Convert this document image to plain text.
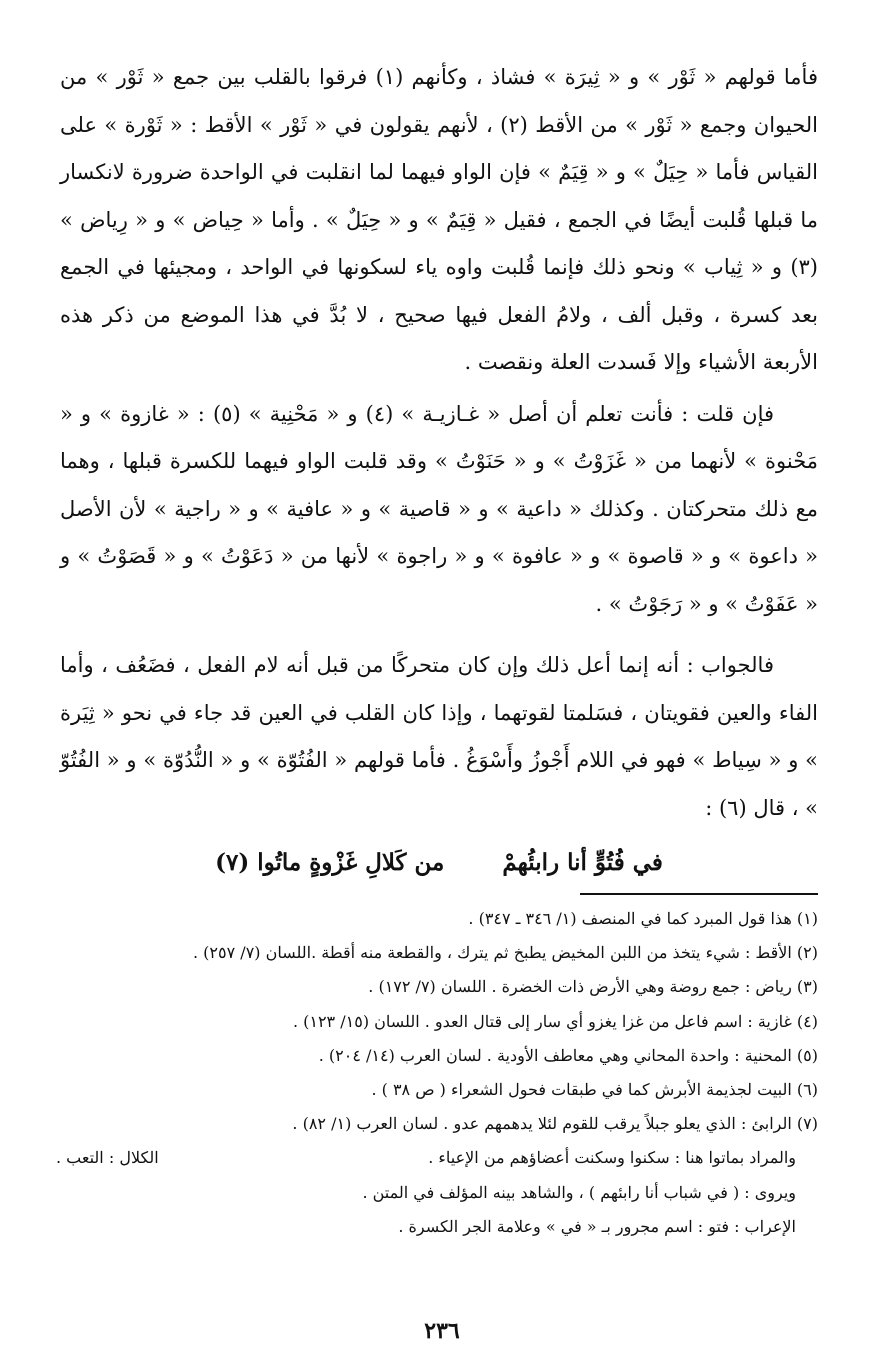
فأما قولهم « ثَوْر » و « ثِيرَة » فشاذ ، وكأنهم (١) فرقوا بالقلب بين جمع « ثَوْر » من الحيوان وجمع « ثَوْر » من الأقط (٢) ، لأنهم يقولون في « ثَوْر » الأقط : « ثَوْرة » على القياس فأما « حِيَلٌ » و « قِيَمٌ » فإن الواو فيهما لما انقلبت في الواحدة ضرورة لانكسار ما قبلها قُلبت أيضًا في الجمع ، فقيل « قِيَمٌ » و « حِيَلٌ » . وأما « حِياض » و « رِياض » (٣) و « ثِياب » ونحو ذلك فإنما قُلبت واوه ياء لسكونها في الواحد ، ومجيئها في الجمع بعد كسرة ، وقبل ألف ، ولامُ الفعل فيها صحيح ، لا بُدَّ في هذا الموضع من ذكر هذه الأربعة الأشياء وإلا فَسدت العلة ونقصت .

فإن قلت : فأنت تعلم أن أصل « غـازيـة » (٤) و « مَحْنِية » (٥) : « غازوة » و « مَحْنوة » لأنهما من « غَزَوْتُ » و « حَنَوْتُ » وقد قلبت الواو فيهما للكسرة قبلها ، وهما مع ذلك متحركتان . وكذلك « داعية » و « قاصية » و « عافية » و « راجية » لأن الأصل « داعوة » و « قاصوة » و « عافوة » و « راجوة » لأنها من « دَعَوْتُ » و « قَصَوْتُ » و « عَفَوْتُ » و « رَجَوْتُ » .

فالجواب : أنه إنما أعل ذلك وإن كان متحركًا من قبل أنه لام الفعل ، فضَعُف ، وأما الفاء والعين فقويتان ، فسَلمتا لقوتهما ، وإذا كان القلب في العين قد جاء في نحو « ثِيَرة » و « سِياط » فهو في اللام أَجْوزُ وأَسْوَغُ . فأما قولهم « الفُتُوّة » و « النُّدُوّة » و « الفُتُوّ » ، قال (٦) :

في فُتُوٍّ أنا رابئُهمْ
من كَلالِ غَزْوةٍ ماتُوا (٧)

(١) هذا قول المبرد كما في المنصف (١/ ٣٤٦ ـ ٣٤٧) .

(٢) الأقط : شيء يتخذ من اللبن المخيض يطبخ ثم يترك ، والقطعة منه أقطة .اللسان (٧/ ٢٥٧) .

(٣) رياض : جمع روضة وهي الأرض ذات الخضرة . اللسان (٧/ ١٧٢) .

(٤) غازية : اسم فاعل من غزا يغزو أي سار إلى قتال العدو . اللسان (١٥/ ١٢٣) .

(٥) المحنية : واحدة المحاني وهي معاطف الأودية . لسان العرب (١٤/ ٢٠٤) .

(٦) البيت لجذيمة الأبرش كما في طبقات فحول الشعراء ( ص ٣٨ ) .

(٧) الرابئ : الذي يعلو جبلاً يرقب للقوم لئلا يدهمهم عدو . لسان العرب (١/ ٨٢) .

والمراد بماتوا هنا : سكنوا وسكنت أعضاؤهم من الإعياء .
الكلال : التعب .

ويروى : ( في شباب أنا رابئهم ) ، والشاهد بينه المؤلف في المتن .

الإعراب : فتو : اسم مجرور بـ « في » وعلامة الجر الكسرة .

٢٣٦
